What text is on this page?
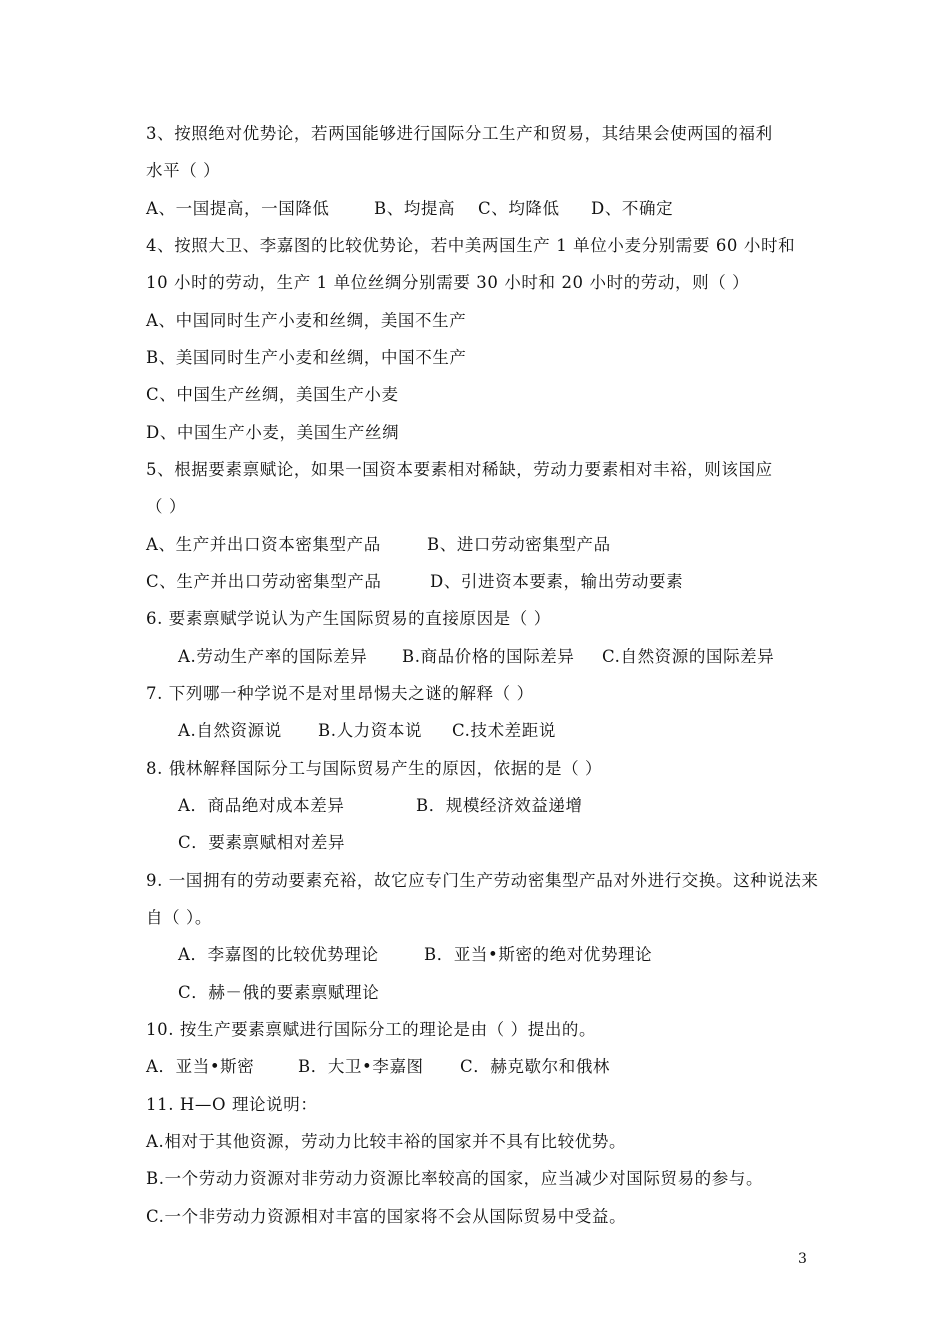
3、按照绝对优势论，若两国能够进行国际分工生产和贸易，其结果会使两国的福利
水平（ ）
A、一国提高，一国降低	B、均提高 C、均降低 D、不确定
4、按照大卫、李嘉图的比较优势论，若中美两国生产 1 单位小麦分别需要 60 小时和
10 小时的劳动，生产 1 单位丝绸分别需要 30 小时和 20 小时的劳动，则（ ）
A、中国同时生产小麦和丝绸，美国不生产
B、美国同时生产小麦和丝绸，中国不生产
C、中国生产丝绸，美国生产小麦
D、中国生产小麦，美国生产丝绸
5、根据要素禀赋论，如果一国资本要素相对稀缺，劳动力要素相对丰裕，则该国应
（ ）
A、生产并出口资本密集型产品	B、进口劳动密集型产品
C、生产并出口劳动密集型产品	D、引进资本要素，输出劳动要素
6. 要素禀赋学说认为产生国际贸易的直接原因是（ ）
A.劳动生产率的国际差异 B.商品价格的国际差异 C.自然资源的国际差异
7. 下列哪一种学说不是对里昂惕夫之谜的解释（ ）
A.自然资源说 B.人力资本说 C.技术差距说
8. 俄林解释国际分工与国际贸易产生的原因，依据的是（ ）
A．商品绝对成本差异	B．规模经济效益递增
C．要素禀赋相对差异
9. 一国拥有的劳动要素充裕，故它应专门生产劳动密集型产品对外进行交换。这种说法来
自（ ）。
A．李嘉图的比较优势理论	B．亚当•斯密的绝对优势理论
C．赫－俄的要素禀赋理论
10. 按生产要素禀赋进行国际分工的理论是由（ ）提出的。
A．亚当•斯密	B．大卫•李嘉图 C．赫克歇尔和俄林
11. H—O 理论说明：
A.相对于其他资源，劳动力比较丰裕的国家并不具有比较优势。
B.一个劳动力资源对非劳动力资源比率较高的国家，应当减少对国际贸易的参与。
C.一个非劳动力资源相对丰富的国家将不会从国际贸易中受益。
3
